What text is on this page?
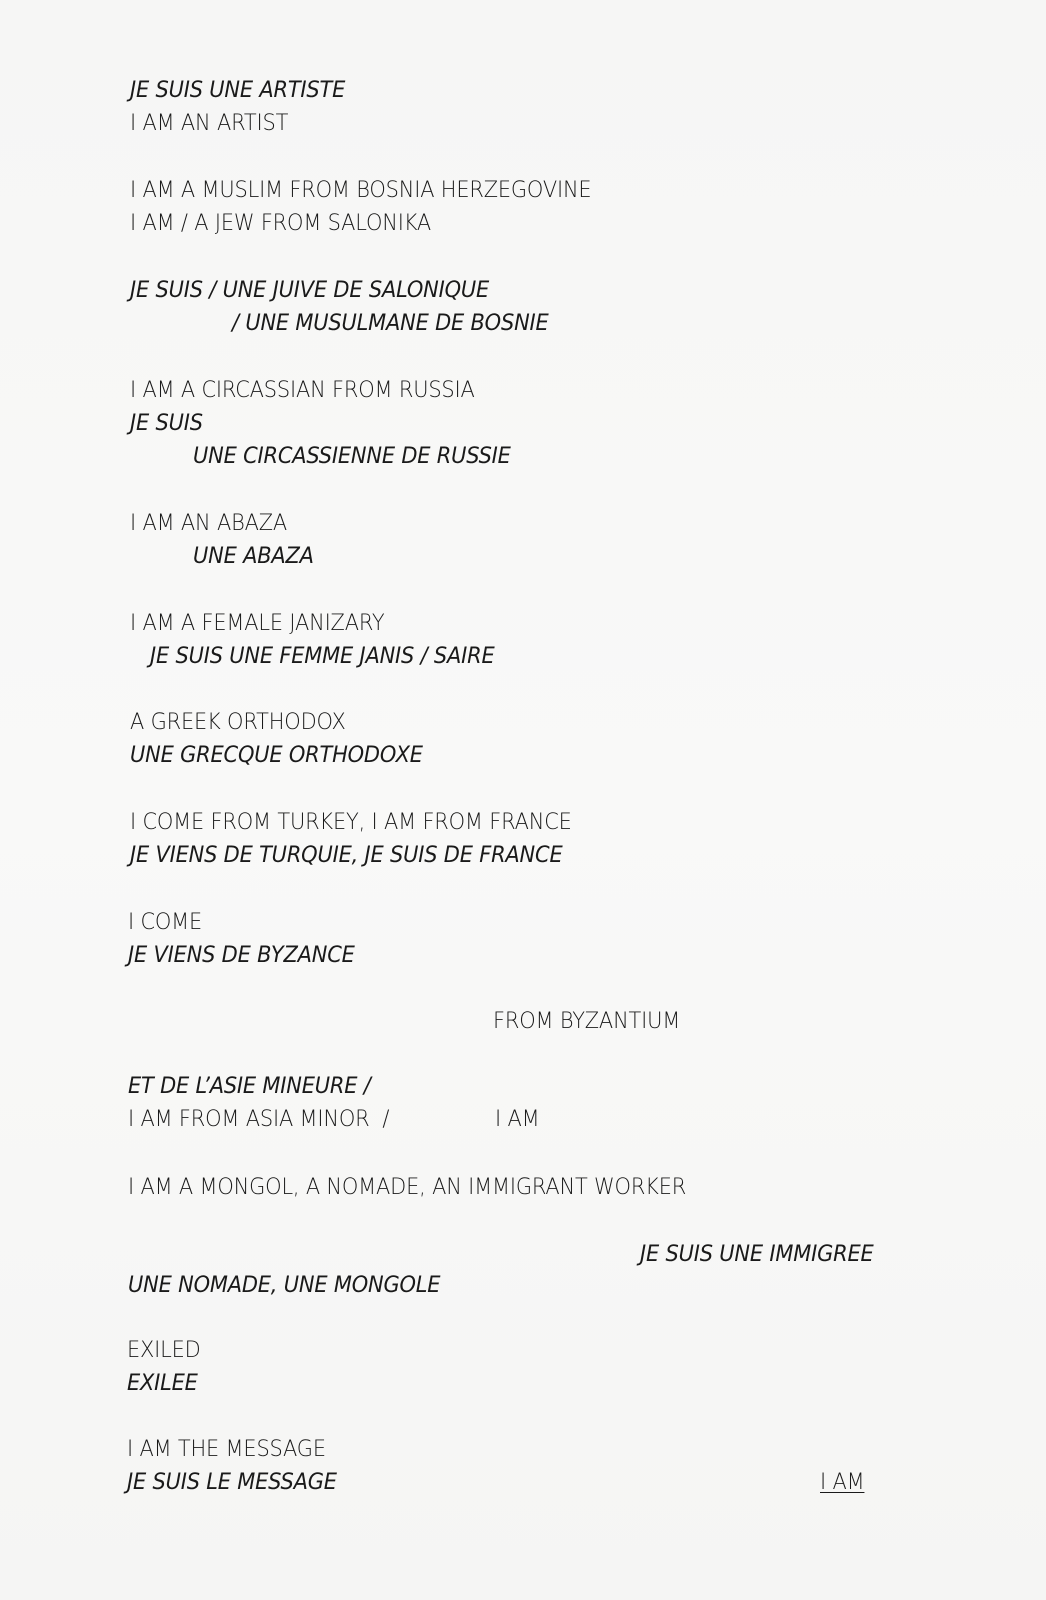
JE SUIS UNE ARTISTE
I AM AN ARTIST
I AM A MUSLIM FROM BOSNIA HERZEGOVINE
I AM / A JEW FROM SALONIKA
JE SUIS / UNE JUIVE DE SALONIQUE
/ UNE MUSULMANE DE BOSNIE
I AM A CIRCASSIAN FROM RUSSIA
JE SUIS
UNE CIRCASSIENNE DE RUSSIE
I AM AN ABAZA
UNE ABAZA
I AM A FEMALE JANIZARY
JE SUIS UNE FEMME JANIS / SAIRE
A GREEK ORTHODOX
UNE GRECQUE ORTHODOXE
I COME FROM TURKEY, I AM FROM FRANCE
JE VIENS DE TURQUIE, JE SUIS DE FRANCE
I COME
JE VIENS DE BYZANCE
FROM BYZANTIUM
ET DE L’ASIE MINEURE /
I AM FROM ASIA MINOR  /	I AM
I AM A MONGOL, A NOMADE, AN IMMIGRANT WORKER
JE SUIS UNE IMMIGREE
UNE NOMADE, UNE MONGOLE
EXILED
EXILEE
I AM THE MESSAGE
JE SUIS LE MESSAGE	I AM
